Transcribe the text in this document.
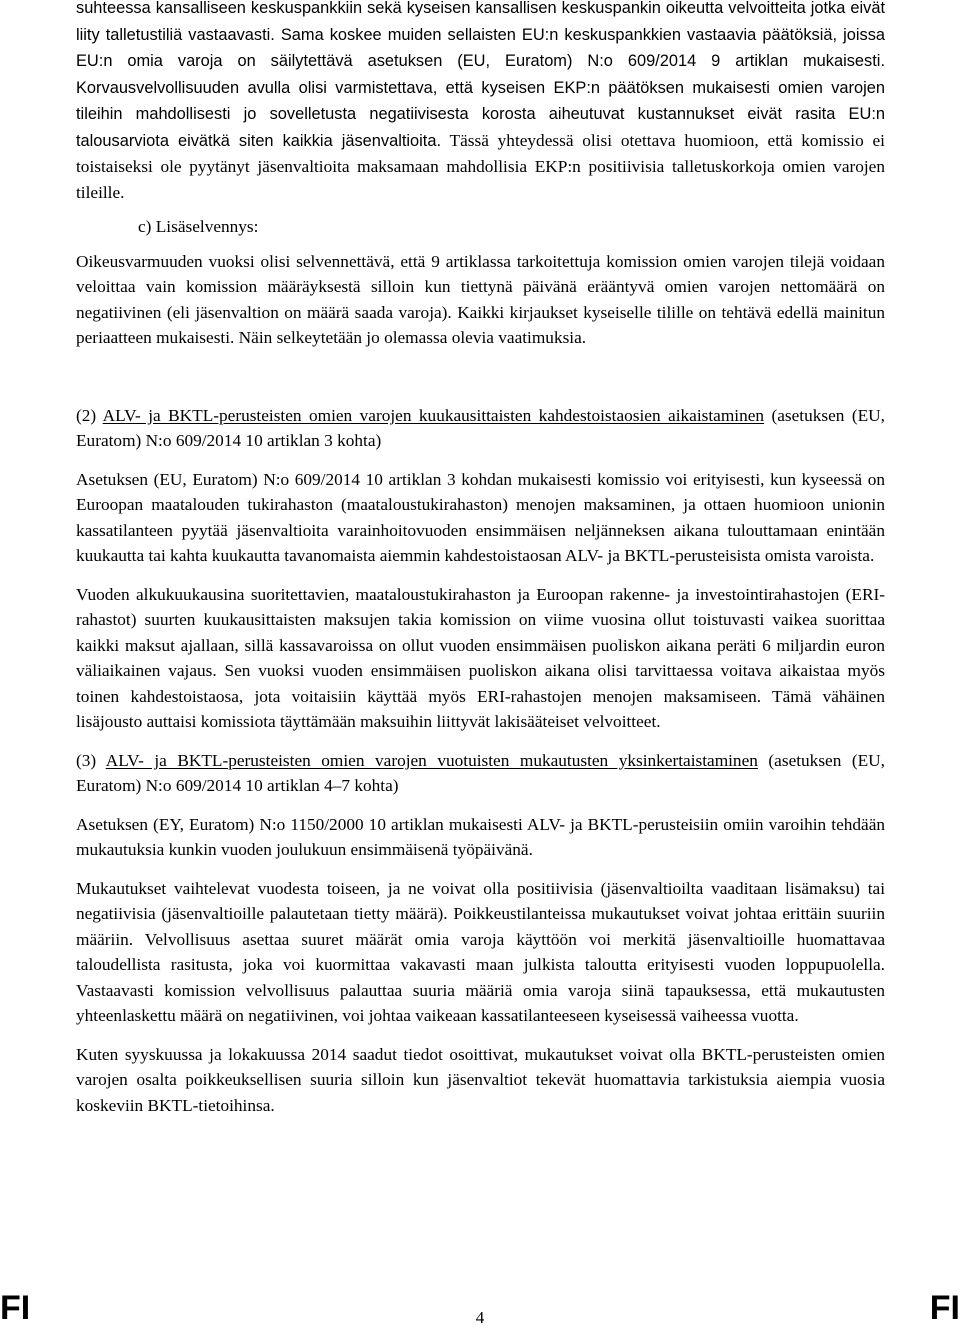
suhteessa kansalliseen keskuspankkiin sekä kyseisen kansallisen keskuspankin oikeutta velvoitteita jotka eivät liity talletustiliä vastaavasti. Sama koskee muiden sellaisten EU:n keskuspankkien vastaavia päätöksiä, joissa EU:n omia varoja on säilytettävä asetuksen (EU, Euratom) N:o 609/2014 9 artiklan mukaisesti. Korvausvelvollisuuden avulla olisi varmistettava, että kyseisen EKP:n päätöksen mukaisesti omien varojen tileihin mahdollisesti jo sovelletusta negatiivisesta korosta aiheutuvat kustannukset eivät rasita EU:n talousarviota eivätkä siten kaikkia jäsenvaltioita. Tässä yhteydessä olisi otettava huomioon, että komissio ei toistaiseksi ole pyytänyt jäsenvaltioita maksamaan mahdollisia EKP:n positiivisia talletuskorkoja omien varojen tileille.

c) Lisäselvennys:

Oikeusvarmuuden vuoksi olisi selvennettävä, että 9 artiklassa tarkoitettuja komission omien varojen tilejä voidaan veloittaa vain komission määräyksestä silloin kun tiettynä päivänä erääntyvä omien varojen nettomäärä on negatiivinen (eli jäsenvaltion on määrä saada varoja). Kaikki kirjaukset kyseiselle tilille on tehtävä edellä mainitun periaatteen mukaisesti. Näin selkeytetään jo olemassa olevia vaatimuksia.

(2) ALV- ja BKTL-perusteisten omien varojen kuukausittaisten kahdestoistaosien aikaistaminen (asetuksen (EU, Euratom) N:o 609/2014 10 artiklan 3 kohta)

Asetuksen (EU, Euratom) N:o 609/2014 10 artiklan 3 kohdan mukaisesti komissio voi erityisesti, kun kyseessä on Euroopan maatalouden tukirahaston (maataloustukirahaston) menojen maksaminen, ja ottaen huomioon unionin kassatilanteen pyytää jäsenvaltioita varainhoitovuoden ensimmäisen neljänneksen aikana tulouttamaan enintään kuukautta tai kahta kuukautta tavanomaista aiemmin kahdestoistaosan ALV- ja BKTL-perusteisista omista varoista.

Vuoden alkukuukausina suoritettavien, maataloustukirahaston ja Euroopan rakenne- ja investointirahastojen (ERI-rahastot) suurten kuukausittaisten maksujen takia komission on viime vuosina ollut toistuvasti vaikea suorittaa kaikki maksut ajallaan, sillä kassavaroissa on ollut vuoden ensimmäisen puoliskon aikana peräti 6 miljardin euron väliaikainen vajaus. Sen vuoksi vuoden ensimmäisen puoliskon aikana olisi tarvittaessa voitava aikaistaa myös toinen kahdestoistaosa, jota voitaisiin käyttää myös ERI-rahastojen menojen maksamiseen. Tämä vähäinen lisäjousto auttaisi komissiota täyttämään maksuihin liittyvät lakisääteiset velvoitteet.

(3) ALV- ja BKTL-perusteisten omien varojen vuotuisten mukautusten yksinkertaistaminen (asetuksen (EU, Euratom) N:o 609/2014 10 artiklan 4–7 kohta)

Asetuksen (EY, Euratom) N:o 1150/2000 10 artiklan mukaisesti ALV- ja BKTL-perusteisiin omiin varoihin tehdään mukautuksia kunkin vuoden joulukuun ensimmäisenä työpäivänä.

Mukautukset vaihtelevat vuodesta toiseen, ja ne voivat olla positiivisia (jäsenvaltioilta vaaditaan lisämaksu) tai negatiivisia (jäsenvaltioille palautetaan tietty määrä). Poikkeustilanteissa mukautukset voivat johtaa erittäin suuriin määriin. Velvollisuus asettaa suuret määrät omia varoja käyttöön voi merkitä jäsenvaltioille huomattavaa taloudellista rasitusta, joka voi kuormittaa vakavasti maan julkista taloutta erityisesti vuoden loppupuolella. Vastaavasti komission velvollisuus palauttaa suuria määriä omia varoja siinä tapauksessa, että mukautusten yhteenlaskettu määrä on negatiivinen, voi johtaa vaikeaan kassatilanteeseen kyseisessä vaiheessa vuotta.

Kuten syyskuussa ja lokakuussa 2014 saadut tiedot osoittivat, mukautukset voivat olla BKTL-perusteisten omien varojen osalta poikkeuksellisen suuria silloin kun jäsenvaltiot tekevät huomattavia tarkistuksia aiempia vuosia koskeviin BKTL-tietoihinsa.

FI	4	FI
